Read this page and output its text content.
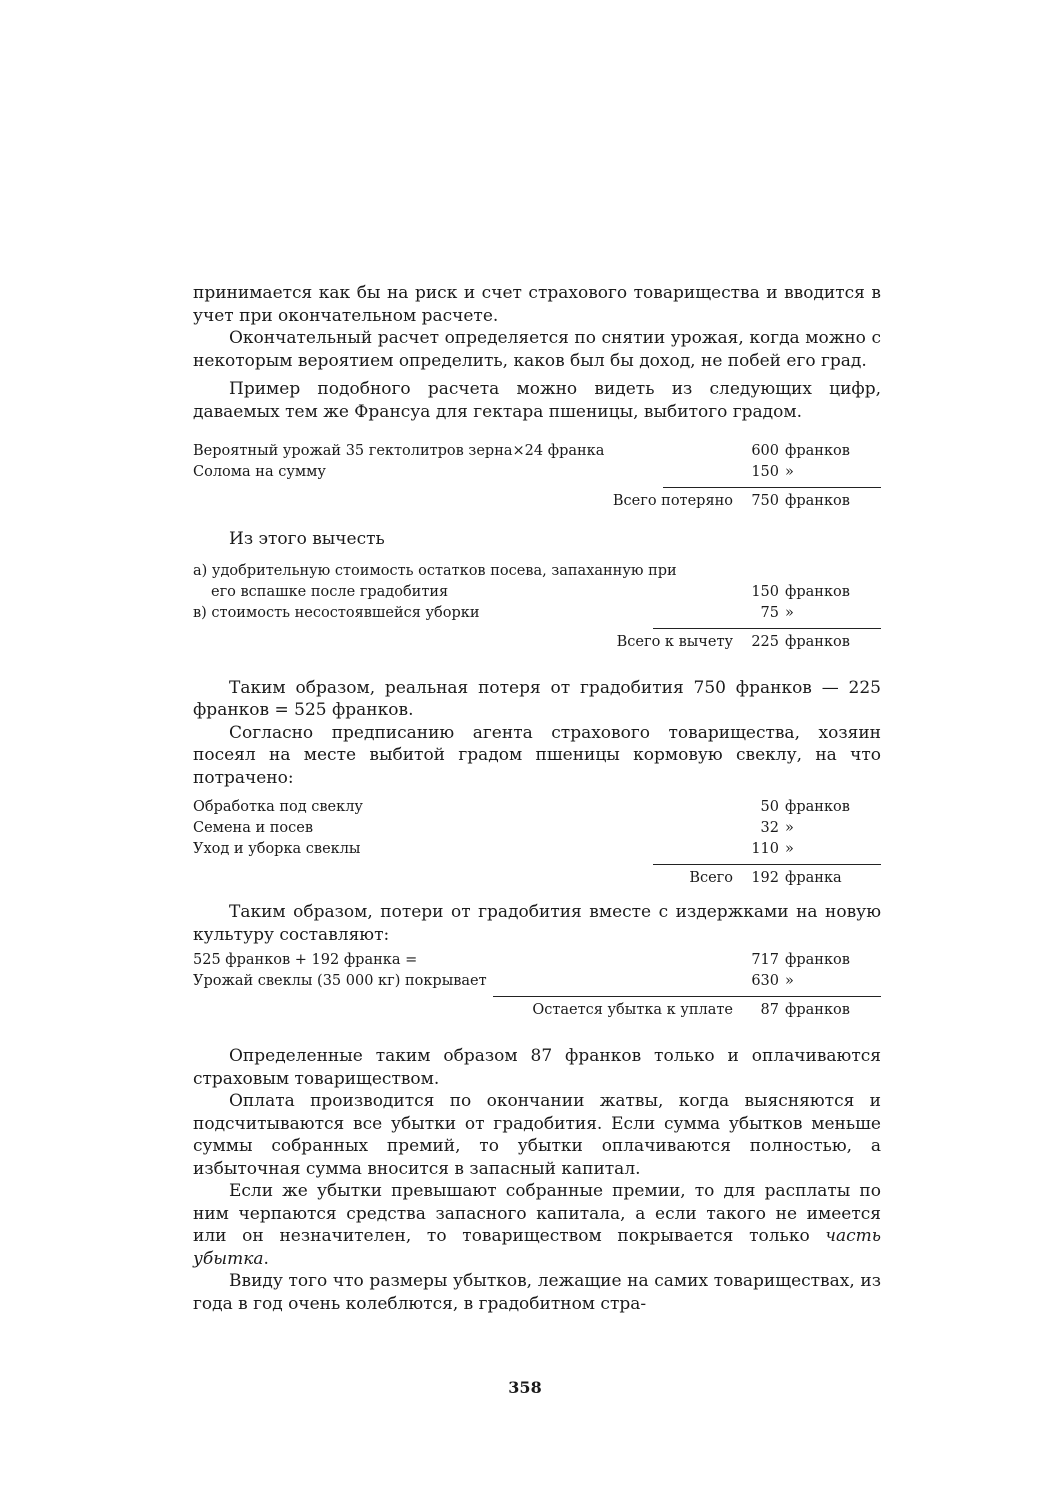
принимается как бы на риск и счет страхового товарищества и вводится в учет при окончательном расчете.

Окончательный расчет определяется по снятии урожая, когда можно с некоторым вероятием определить, каков был бы доход, не побей его град.

Пример подобного расчета можно видеть из следующих цифр, даваемых тем же Франсуа для гектара пшеницы, выбитого градом.

Вероятный урожай 35 гектолитров зерна×24 франка	600 франков
Солома на сумму	150 »
Всего потеряно	750 франков
Из этого вычесть
а) удобрительную стоимость остатков посева, запаханную при
его вспашке после градобития	150 франков
в) стоимость несостоявшейся уборки	75 »
Всего к вычету	225 франков

Таким образом, реальная потеря от градобития 750 франков — 225 франков = 525 франков.

Согласно предписанию агента страхового товарищества, хозяин посеял на месте выбитой градом пшеницы кормовую свеклу, на что потрачено:

Обработка под свеклу	50 франков
Семена и посев	32 »
Уход и уборка свеклы	110 »
Всего	192 франка

Таким образом, потери от градобития вместе с издержками на новую культуру составляют:

525 франков + 192 франка =	717 франков
Урожай свеклы (35 000 кг) покрывает	630 »
Остается убытка к уплате	87 франков

Определенные таким образом 87 франков только и оплачиваются страховым товариществом.

Оплата производится по окончании жатвы, когда выясняются и подсчитываются все убытки от градобития. Если сумма убытков меньше суммы собранных премий, то убытки оплачиваются полностью, а избыточная сумма вносится в запасный капитал.

Если же убытки превышают собранные премии, то для расплаты по ним черпаются средства запасного капитала, а если такого не имеется или он незначителен, то товариществом покрывается только часть убытка.

Ввиду того что размеры убытков, лежащие на самих товариществах, из года в год очень колеблются, в градобитном стра-

358
